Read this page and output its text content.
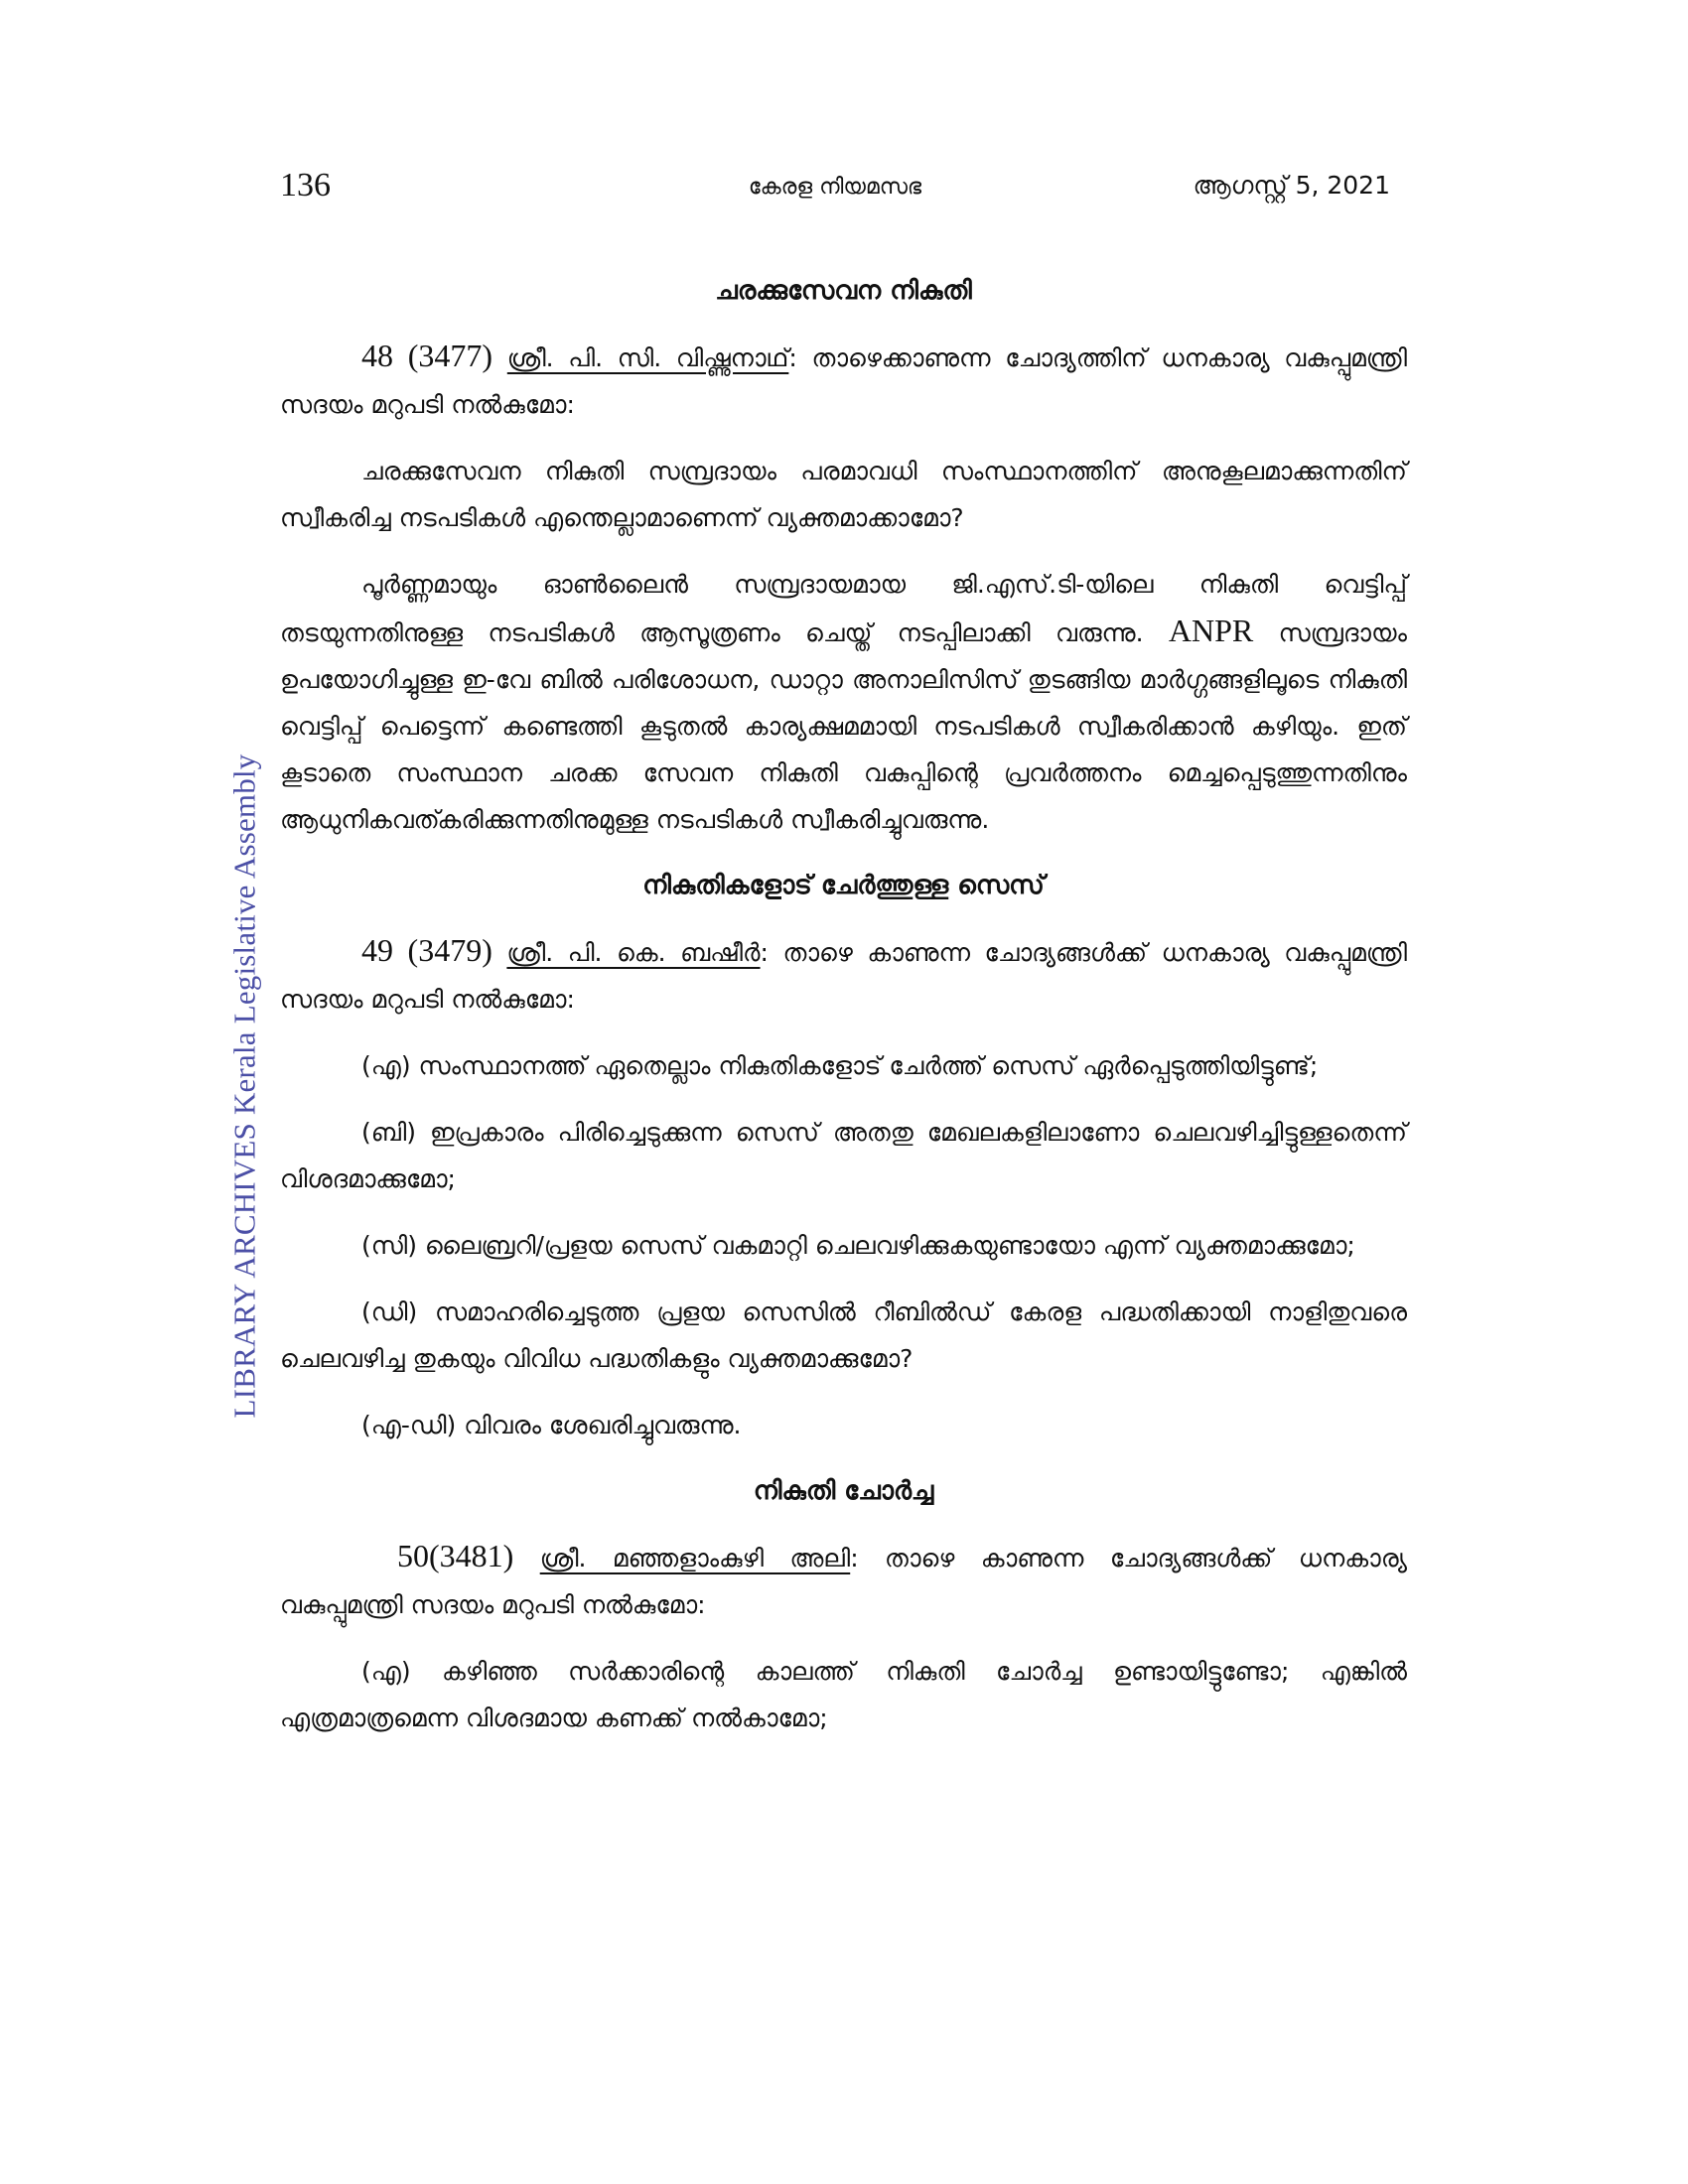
136	കേരള നിയമസഭ	ആഗസ്റ്റ് 5, 2021
LIBRARY ARCHIVES Kerala Legislative Assembly
ചരക്കുസേവന നികുതി

48 (3477) ശ്രീ. പി. സി. വിഷ്ണുനാഥ്: താഴെക്കാണുന്ന ചോദ്യത്തിന് ധനകാര്യ വകുപ്പുമന്ത്രി സദയം മറുപടി നൽകുമോ:

ചരക്കുസേവന നികുതി സമ്പ്രദായം പരമാവധി സംസ്ഥാനത്തിന് അനുകൂലമാക്കുന്നതിന് സ്വീകരിച്ച നടപടികൾ എന്തെല്ലാമാണെന്ന് വ്യക്തമാക്കാമോ?

പൂർണ്ണമായും ഓൺലൈൻ സമ്പ്രദായമായ ജി.എസ്.ടി-യിലെ നികുതി വെട്ടിപ്പ് തടയുന്നതിനുള്ള നടപടികൾ ആസൂത്രണം ചെയ്ത് നടപ്പിലാക്കി വരുന്നു. ANPR സമ്പ്രദായം ഉപയോഗിച്ചുള്ള ഇ-വേ ബിൽ പരിശോധന, ഡാറ്റാ അനാലിസിസ് തുടങ്ങിയ മാർഗ്ഗങ്ങളിലൂടെ നികുതി വെട്ടിപ്പ് പെട്ടെന്ന് കണ്ടെത്തി കൂടുതൽ കാര്യക്ഷമമായി നടപടികൾ സ്വീകരിക്കാൻ കഴിയും. ഇത് കൂടാതെ സംസ്ഥാന ചരക്ക സേവന നികുതി വകുപ്പിന്റെ പ്രവർത്തനം മെച്ചപ്പെടുത്തുന്നതിനും ആധുനികവത്കരിക്കുന്നതിനുമുള്ള നടപടികൾ സ്വീകരിച്ചുവരുന്നു.

നികുതികളോട് ചേർത്തുള്ള സെസ്

49 (3479) ശ്രീ. പി. കെ. ബഷീർ: താഴെ കാണുന്ന ചോദ്യങ്ങൾക്ക് ധനകാര്യ വകുപ്പുമന്ത്രി സദയം മറുപടി നൽകുമോ:

(എ) സംസ്ഥാനത്ത് ഏതെല്ലാം നികുതികളോട് ചേർത്ത് സെസ് ഏർപ്പെടുത്തിയിട്ടുണ്ട്;

(ബി) ഇപ്രകാരം പിരിച്ചെടുക്കുന്ന സെസ് അതതു മേഖലകളിലാണോ ചെലവഴിച്ചിട്ടുള്ളതെന്ന് വിശദമാക്കുമോ;

(സി) ലൈബ്രറി/പ്രളയ സെസ് വകമാറ്റി ചെലവഴിക്കുകയുണ്ടായോ എന്ന് വ്യക്തമാക്കുമോ;

(ഡി) സമാഹരിച്ചെടുത്ത പ്രളയ സെസിൽ റീബിൽഡ് കേരള പദ്ധതിക്കായി നാളിതുവരെ ചെലവഴിച്ച തുകയും വിവിധ പദ്ധതികളും വ്യക്തമാക്കുമോ?

(എ-ഡി) വിവരം ശേഖരിച്ചുവരുന്നു.

നികുതി ചോർച്ച

50(3481) ശ്രീ. മഞ്ഞളാംകുഴി അലി: താഴെ കാണുന്ന ചോദ്യങ്ങൾക്ക് ധനകാര്യ വകുപ്പുമന്ത്രി സദയം മറുപടി നൽകുമോ:

(എ) കഴിഞ്ഞ സർക്കാരിന്റെ കാലത്ത് നികുതി ചോർച്ച ഉണ്ടായിട്ടുണ്ടോ; എങ്കിൽ എത്രമാത്രമെന്ന വിശദമായ കണക്ക് നൽകാമോ;
